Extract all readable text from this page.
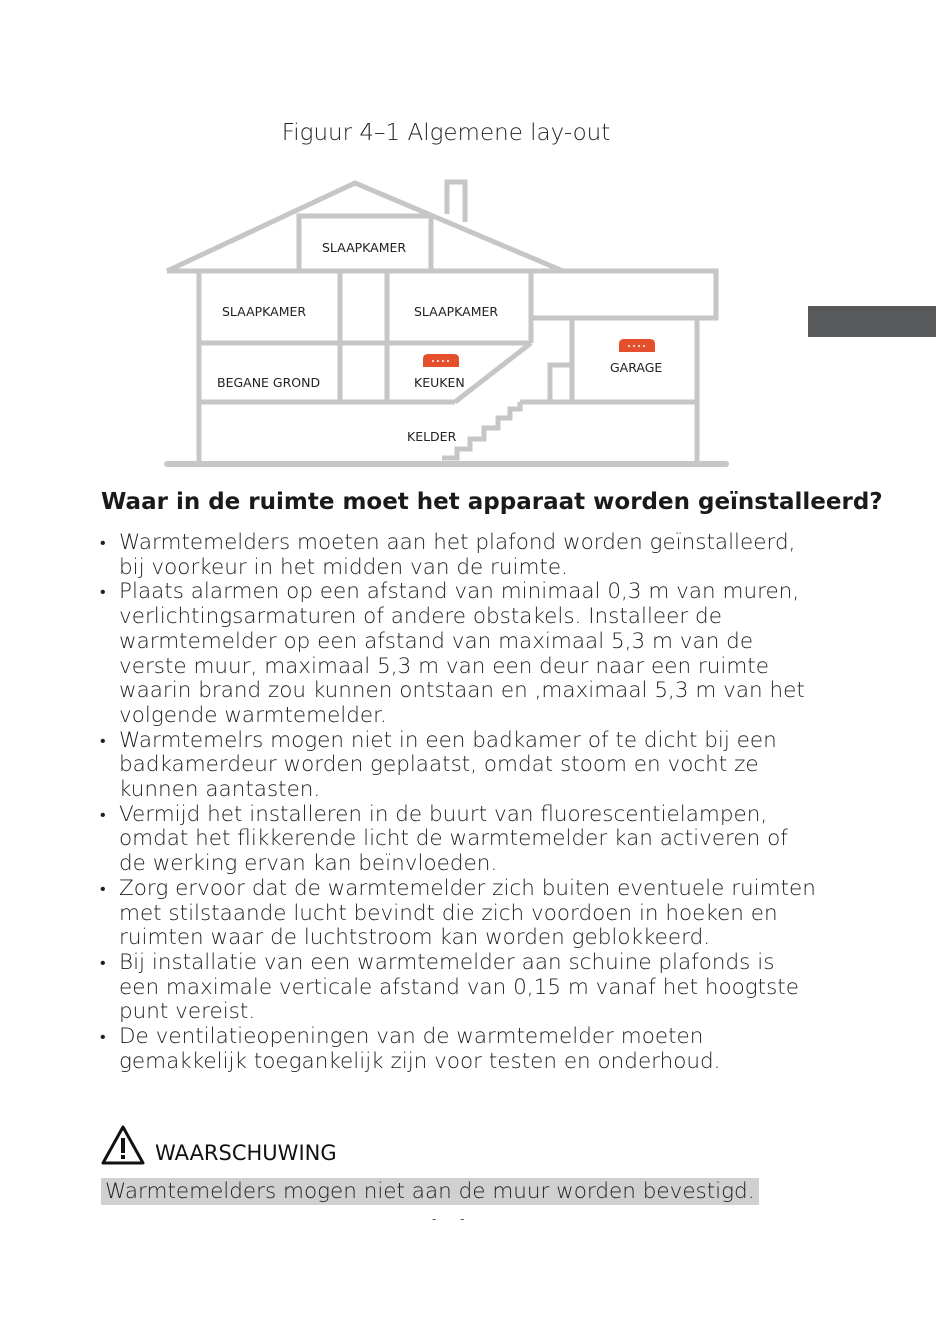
Figuur 4–1 Algemene lay-out
SLAAPKAMER
SLAAPKAMER	SLAAPKAMER
BEGANE GROND	KEUKEN
GARAGE
KELDER
Waar in de ruimte moet het apparaat worden geïnstalleerd?
• Warmtemelders moeten aan het plafond worden geïnstalleerd, bij voorkeur in het midden van de ruimte.
• Plaats alarmen op een afstand van minimaal 0,3 m van muren, verlichtingsarmaturen of andere obstakels. Installeer de warmtemelder op een afstand van maximaal 5,3 m van de verste muur, maximaal 5,3 m van een deur naar een ruimte waarin brand zou kunnen ontstaan en ,maximaal 5,3 m van het volgende warmtemelder.
• Warmtemelrs mogen niet in een badkamer of te dicht bij een badkamerdeur worden geplaatst, omdat stoom en vocht ze kunnen aantasten.
• Vermijd het installeren in de buurt van fluorescentielampen, omdat het flikkerende licht de warmtemelder kan activeren of de werking ervan kan beïnvloeden.
• Zorg ervoor dat de warmtemelder zich buiten eventuele ruimten met stilstaande lucht bevindt die zich voordoen in hoeken en ruimten waar de luchtstroom kan worden geblokkeerd.
• Bij installatie van een warmtemelder aan schuine plafonds is een maximale verticale afstand van 0,15 m vanaf het hoogtste punt vereist.
• De ventilatieopeningen van de warmtemelder moeten gemakkelijk toegankelijk zijn voor testen en onderhoud.
WAARSCHUWING
Warmtemelders mogen niet aan de muur worden bevestigd.
- -
